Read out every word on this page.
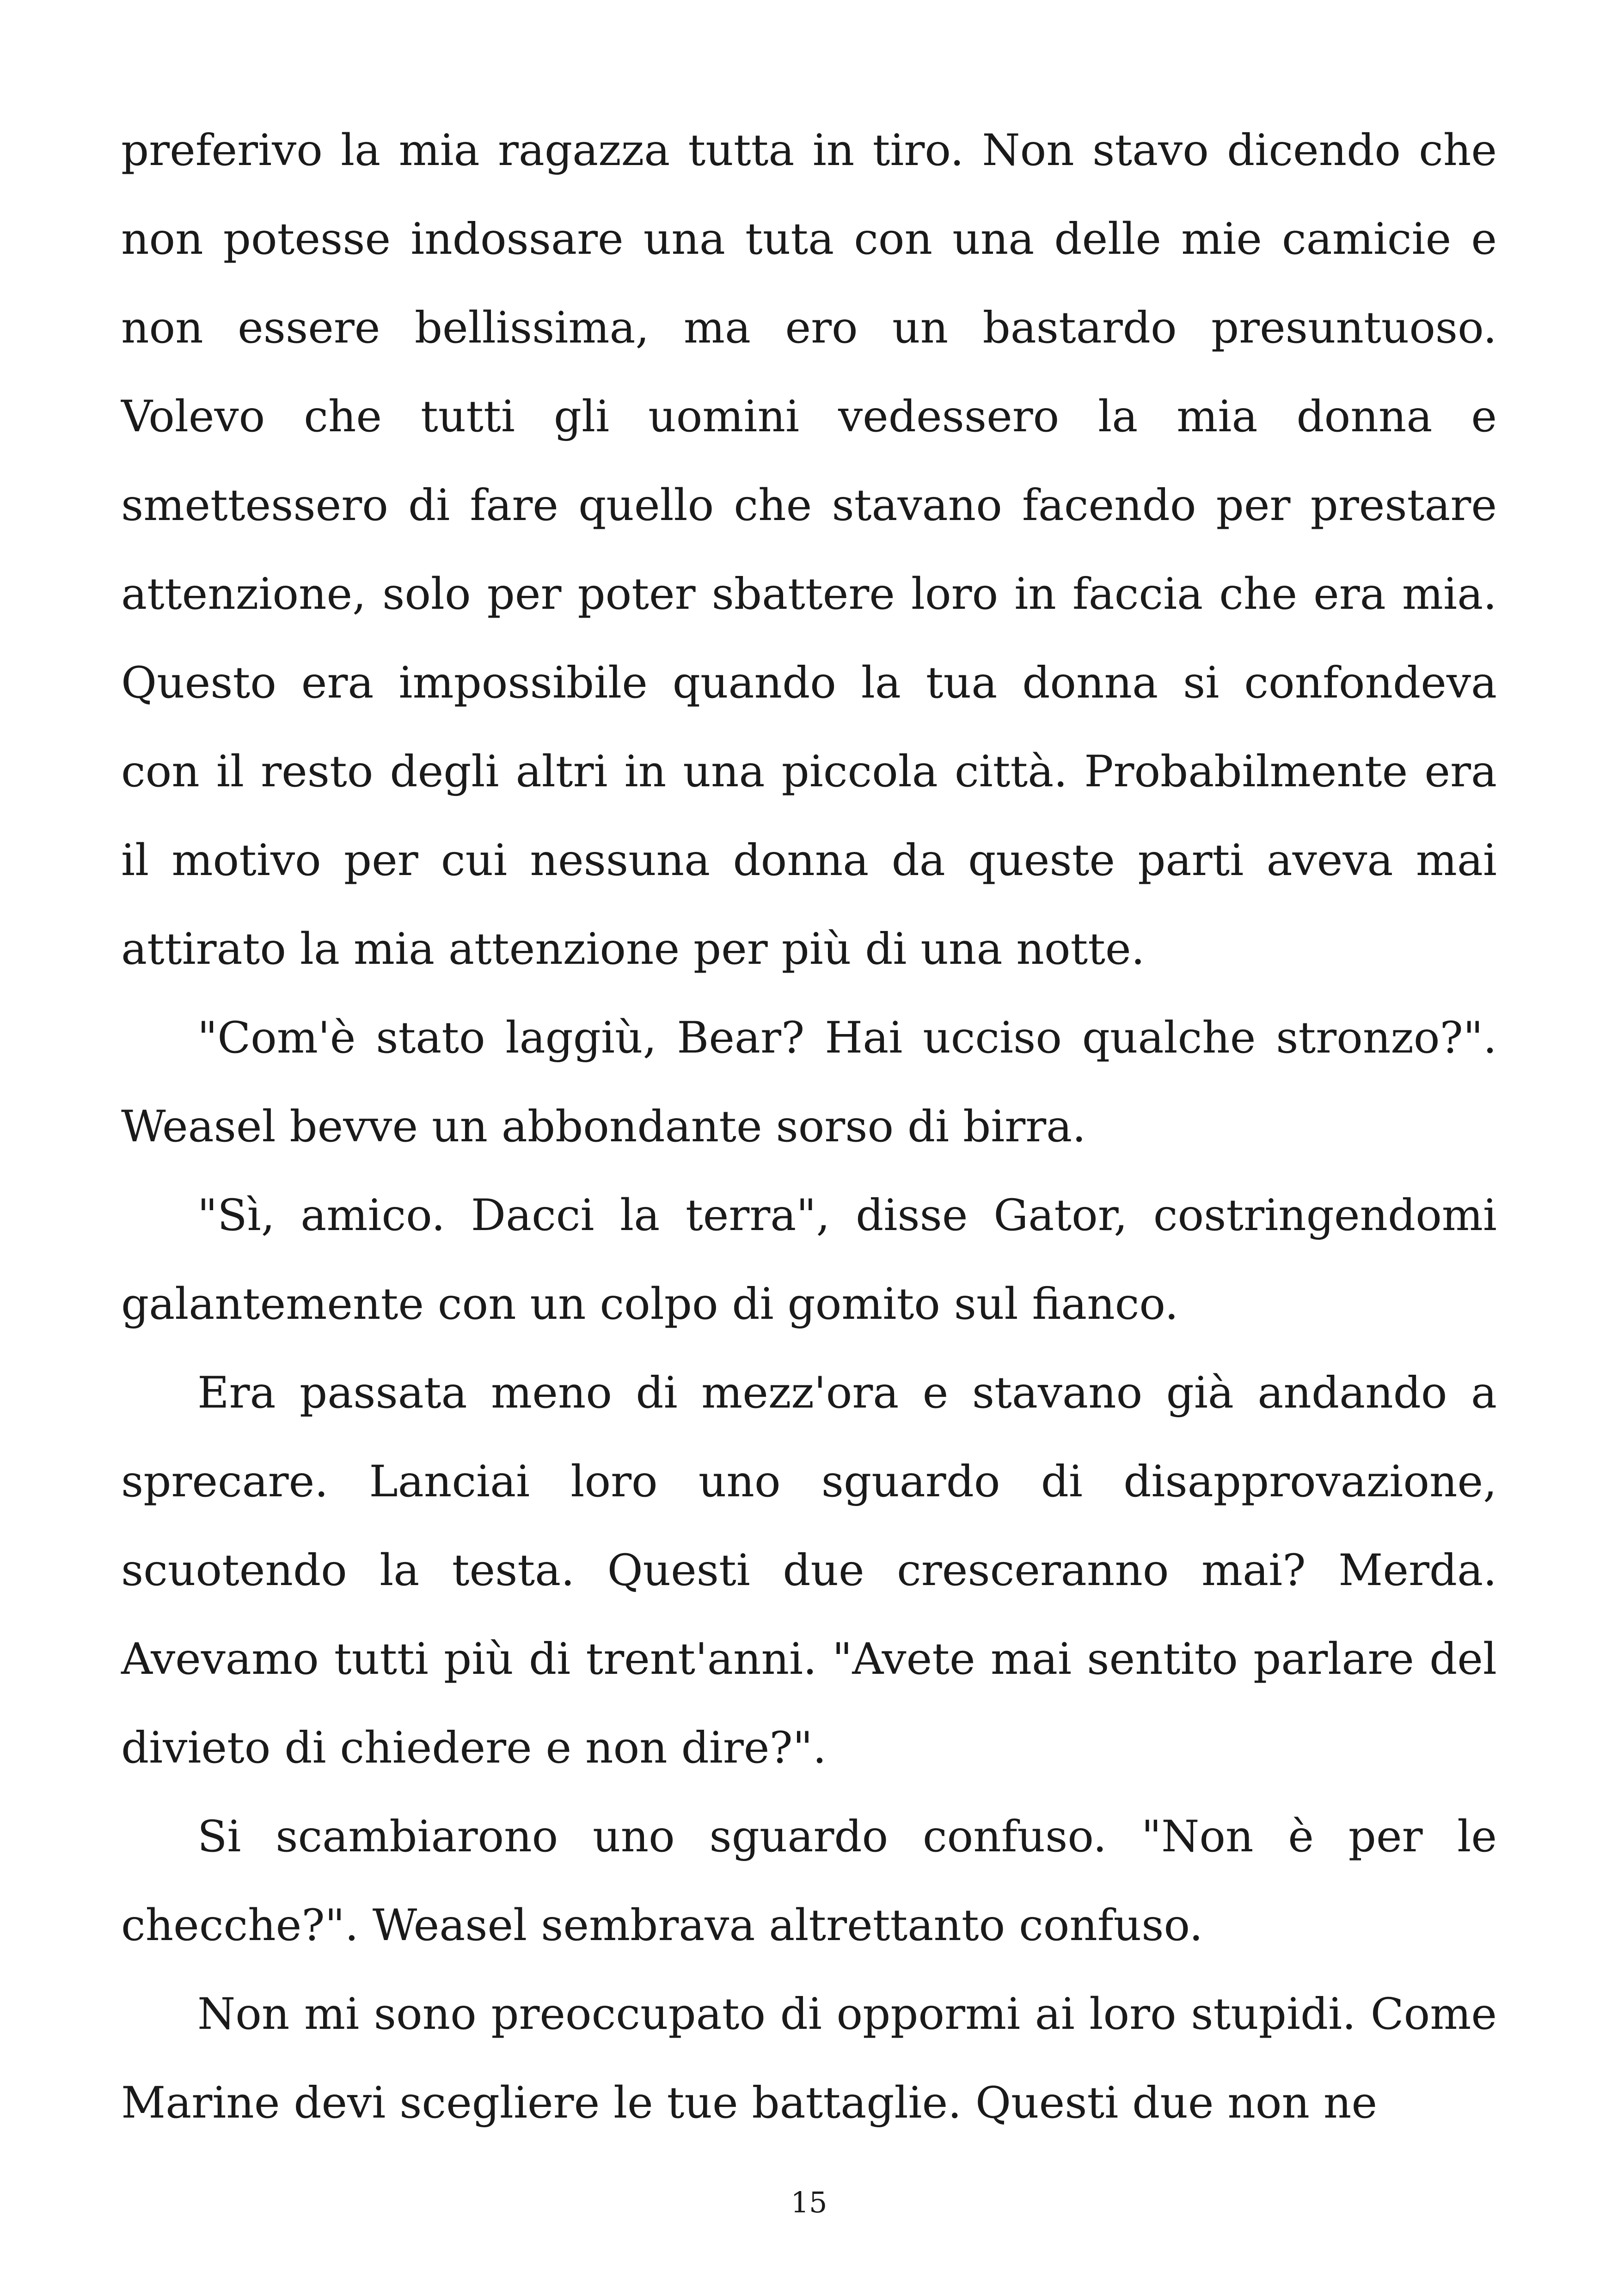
preferivo la mia ragazza tutta in tiro. Non stavo dicendo che non potesse indossare una tuta con una delle mie camicie e non essere bellissima, ma ero un bastardo presuntuoso. Volevo che tutti gli uomini vedessero la mia donna e smettessero di fare quello che stavano facendo per prestare attenzione, solo per poter sbattere loro in faccia che era mia. Questo era impossibile quando la tua donna si confondeva con il resto degli altri in una piccola città. Probabilmente era il motivo per cui nessuna donna da queste parti aveva mai attirato la mia attenzione per più di una notte.

"Com'è stato laggiù, Bear? Hai ucciso qualche stronzo?". Weasel bevve un abbondante sorso di birra.

"Sì, amico. Dacci la terra", disse Gator, costringendomi galantemente con un colpo di gomito sul fianco.

Era passata meno di mezz'ora e stavano già andando a sprecare. Lanciai loro uno sguardo di disapprovazione, scuotendo la testa. Questi due cresceranno mai? Merda. Avevamo tutti più di trent'anni. "Avete mai sentito parlare del divieto di chiedere e non dire?".

Si scambiarono uno sguardo confuso. "Non è per le checche?". Weasel sembrava altrettanto confuso.

Non mi sono preoccupato di oppormi ai loro stupidi. Come Marine devi scegliere le tue battaglie. Questi due non ne

15
